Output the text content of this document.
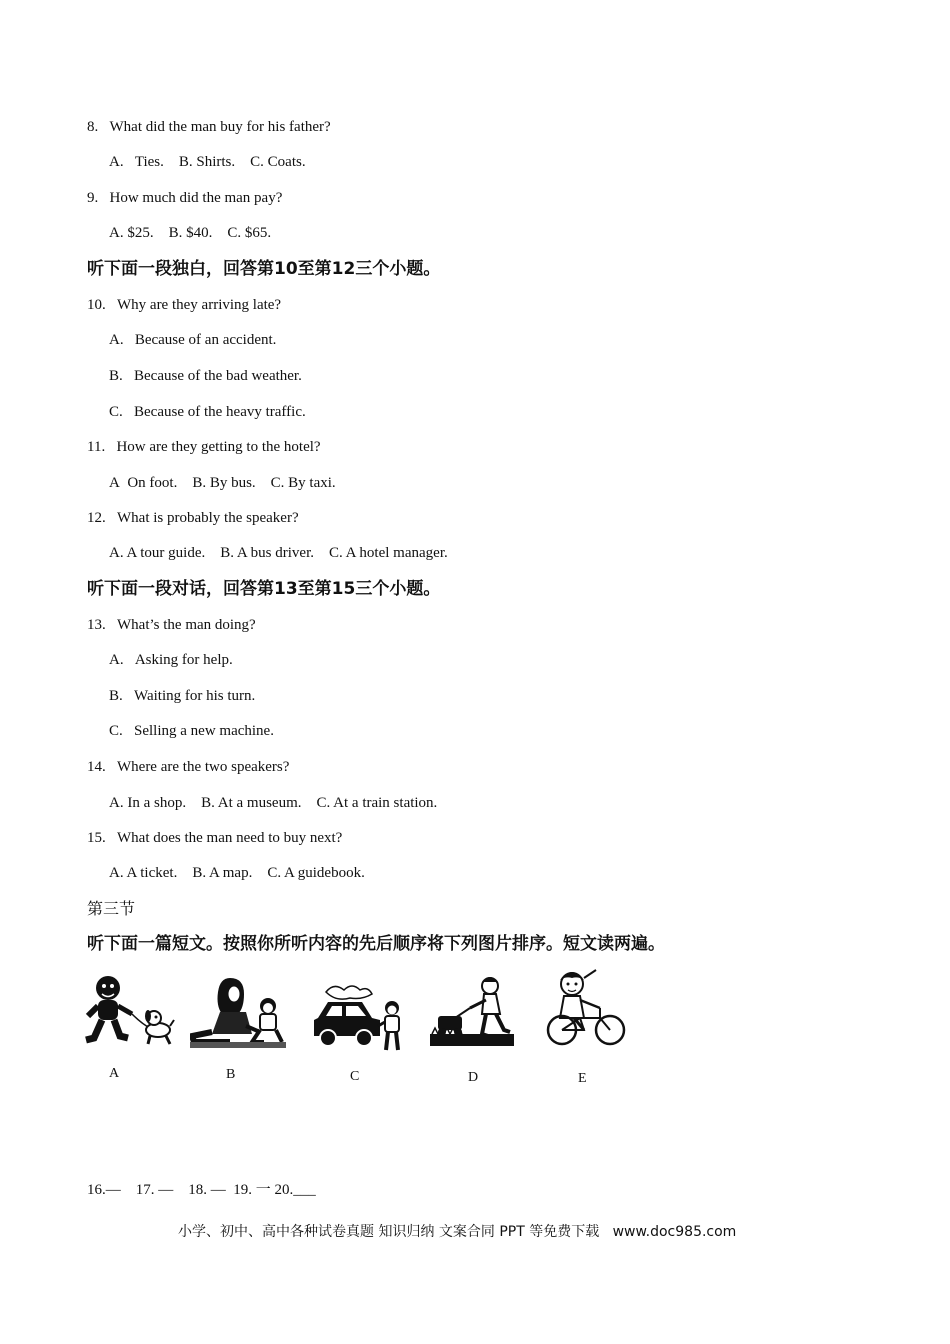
8.   What did the man buy for his father?
A.   Ties.    B. Shirts.    C. Coats.
9.   How much did the man pay?
A. $25.    B. $40.    C. $65.
听下面一段独白，回答第10至第12三个小题。
10.   Why are they arriving late?
A.   Because of an accident.
B.   Because of the bad weather.
C.   Because of the heavy traffic.
11.   How are they getting to the hotel?
A  On foot.    B. By bus.    C. By taxi.
12.   What is probably the speaker?
A. A tour guide.    B. A bus driver.    C. A hotel manager.
听下面一段对话，回答第13至第15三个小题。
13.   What’s the man doing?
A.   Asking for help.
B.   Waiting for his turn.
C.   Selling a new machine.
14.   Where are the two speakers?
A. In a shop.    B. At a museum.    C. At a train station.
15.   What does the man need to buy next?
A. A ticket.    B. A map.    C. A guidebook.
第三节
听下面一篇短文。按照你所听内容的先后顺序将下列图片排序。短文读两遍。
A	B	C	D	E
16.—    17. —    18. —  19. 一 20.___
小学、初中、高中各种试卷真题 知识归纳 文案合同 PPT 等免费下载   www.doc985.com
